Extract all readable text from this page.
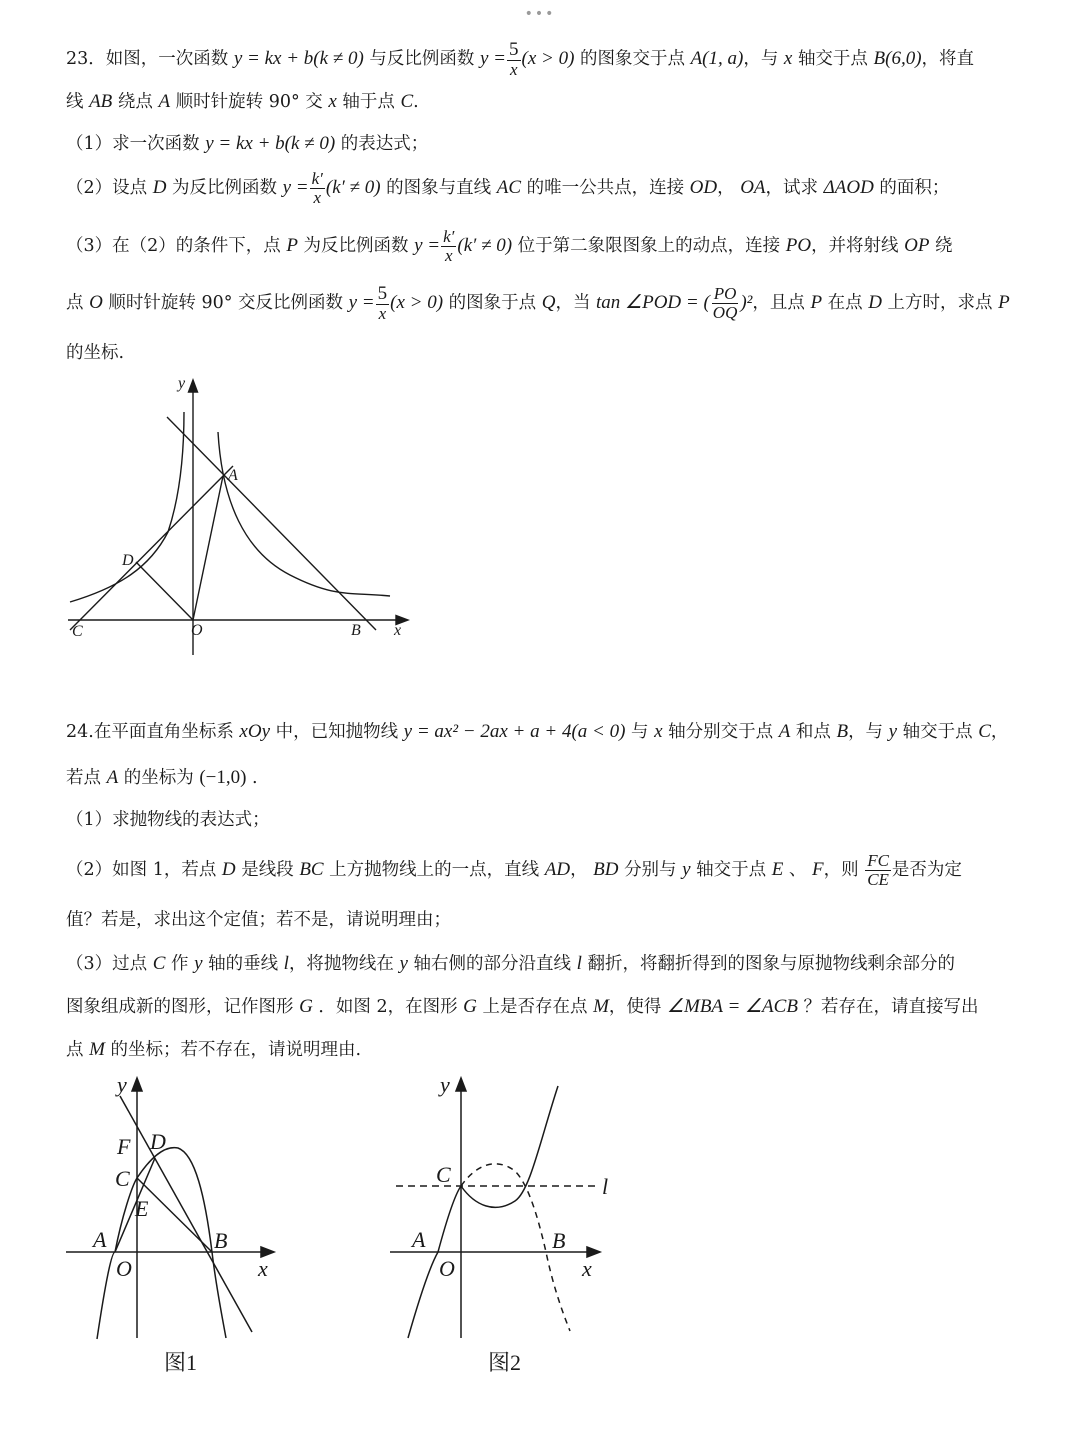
•••
23．如图，一次函数 y = kx + b(k ≠ 0) 与反比例函数 $y = \frac{5}{x} (x > 0)$ 的图象交于点 A(1, a)，与 x 轴交于点 B(6,0)，将直
线 AB 绕点 A 顺时针旋转 90° 交 x 轴于点 C.
（1）求一次函数 y = kx + b(k ≠ 0) 的表达式；
（2）设点 D 为反比例函数 $y = \frac{k'}{x} (k' \ne 0)$ 的图象与直线 AC 的唯一公共点，连接 OD， OA，试求 ΔAOD 的面积；
（3）在（2）的条件下，点 P 为反比例函数 $y = \frac{k'}{x} (k' \ne 0)$ 位于第二象限图象上的动点，连接 PO，并将射线 OP 绕
点 O 顺时针旋转 90° 交反比例函数 $y = \frac{5}{x} (x > 0)$ 的图象于点 Q，当 tan ∠POD = ( $\frac{PO}{OQ} )^2$，且点 P 在点 D 上方时，求点 P
的坐标.
y
x
A
D
C	O	B
24.在平面直角坐标系 xOy 中，已知抛物线 y = ax² − 2ax + a + 4(a < 0) 与 x 轴分别交于点 A 和点 B，与 y 轴交于点 C，
若点 A 的坐标为 (−1,0) .
（1）求抛物线的表达式；
（2）如图 1，若点 D 是线段 BC 上方抛物线上的一点，直线 AD， BD 分别与 y 轴交于点 E 、 F，则 $\frac{FC}{CE}$ 是否为定
值？若是，求出这个定值；若不是，请说明理由；
（3）过点 C 作 y 轴的垂线 l，将抛物线在 y 轴右侧的部分沿直线 l 翻折，将翻折得到的图象与原抛物线剩余部分的
图象组成新的图形，记作图形 G ．如图 2，在图形 G 上是否存在点 M，使得 ∠MBA = ∠ACB ？若存在，请直接写出
点 M 的坐标；若不存在，请说明理由.
y
x
F D
C
E
A
O
B
图1
y
x
C	l
A
O
B
图2
